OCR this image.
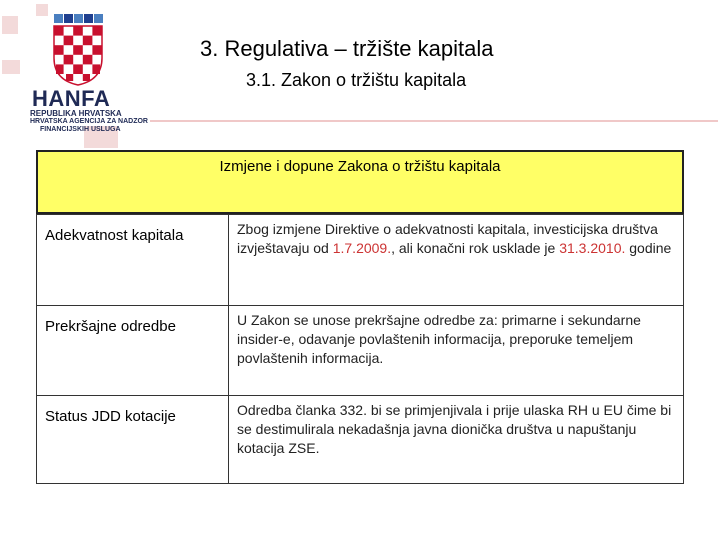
HANFA
REPUBLIKA HRVATSKA
HRVATSKA AGENCIJA ZA NADZOR
FINANCIJSKIH USLUGA
3. Regulativa – tržište kapitala
3.1. Zakon o tržištu kapitala
Izmjene i dopune Zakona o tržištu kapitala
Adekvatnost kapitala	Zbog izmjene Direktive o adekvatnosti kapitala, investicijska društva izvještavaju od 1.7.2009., ali konačni rok usklade je 31.3.2010. godine
Prekršajne odredbe	U Zakon se unose prekršajne odredbe za: primarne i sekundarne insider-e, odavanje povlaštenih informacija, preporuke temeljem povlaštenih informacija.
Status JDD kotacije	Odredba članka 332. bi se primjenjivala i prije ulaska RH u EU čime bi se destimulirala nekadašnja javna dionička društva u napuštanju kotacija ZSE.
